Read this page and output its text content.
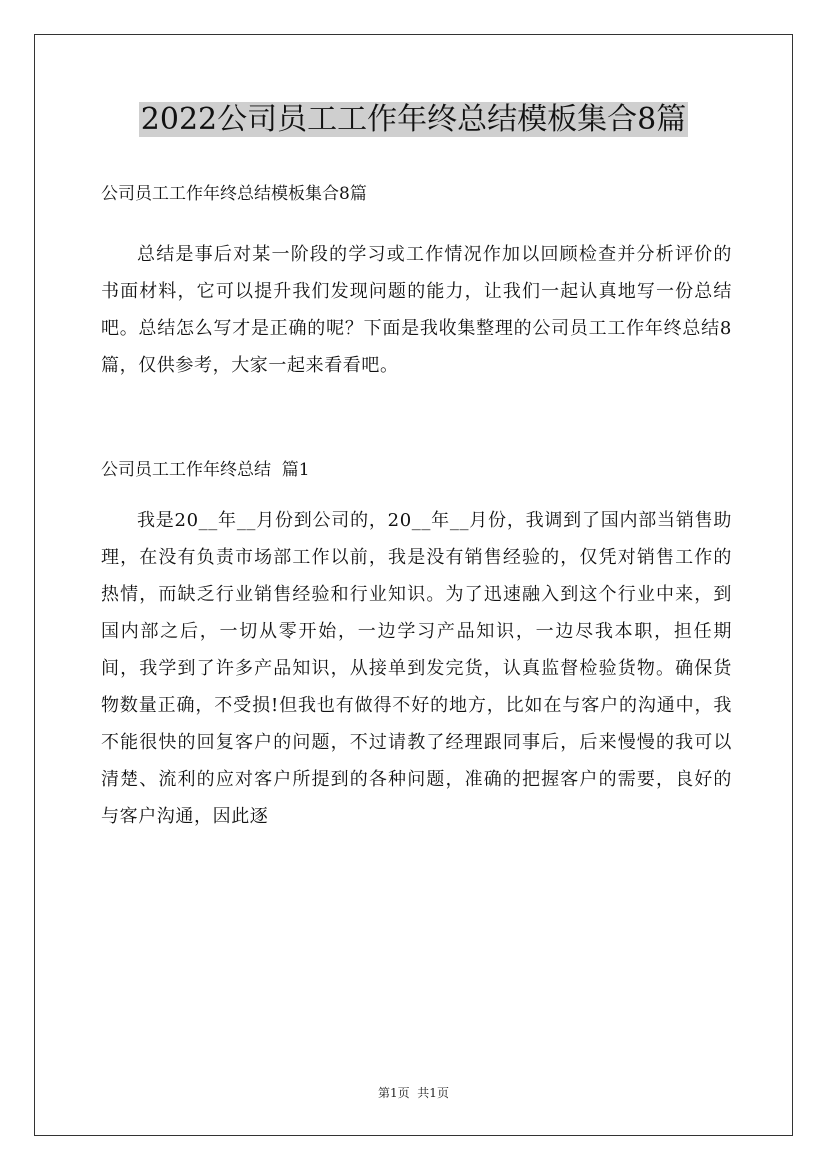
2022公司员工工作年终总结模板集合8篇

公司员工工作年终总结模板集合8篇

总结是事后对某一阶段的学习或工作情况作加以回顾检查并分析评价的书面材料，它可以提升我们发现问题的能力，让我们一起认真地写一份总结吧。总结怎么写才是正确的呢？下面是我收集整理的公司员工工作年终总结8篇，仅供参考，大家一起来看看吧。

公司员工工作年终总结  篇1

我是20__年__月份到公司的，20__年__月份，我调到了国内部当销售助理，在没有负责市场部工作以前，我是没有销售经验的，仅凭对销售工作的热情，而缺乏行业销售经验和行业知识。为了迅速融入到这个行业中来，到国内部之后，一切从零开始，一边学习产品知识，一边尽我本职，担任期间，我学到了许多产品知识，从接单到发完货，认真监督检验货物。确保货物数量正确，不受损!但我也有做得不好的地方，比如在与客户的沟通中，我不能很快的回复客户的问题，不过请教了经理跟同事后，后来慢慢的我可以清楚、流利的应对客户所提到的各种问题，准确的把握客户的需要，良好的与客户沟通，因此逐

第1页  共1页
